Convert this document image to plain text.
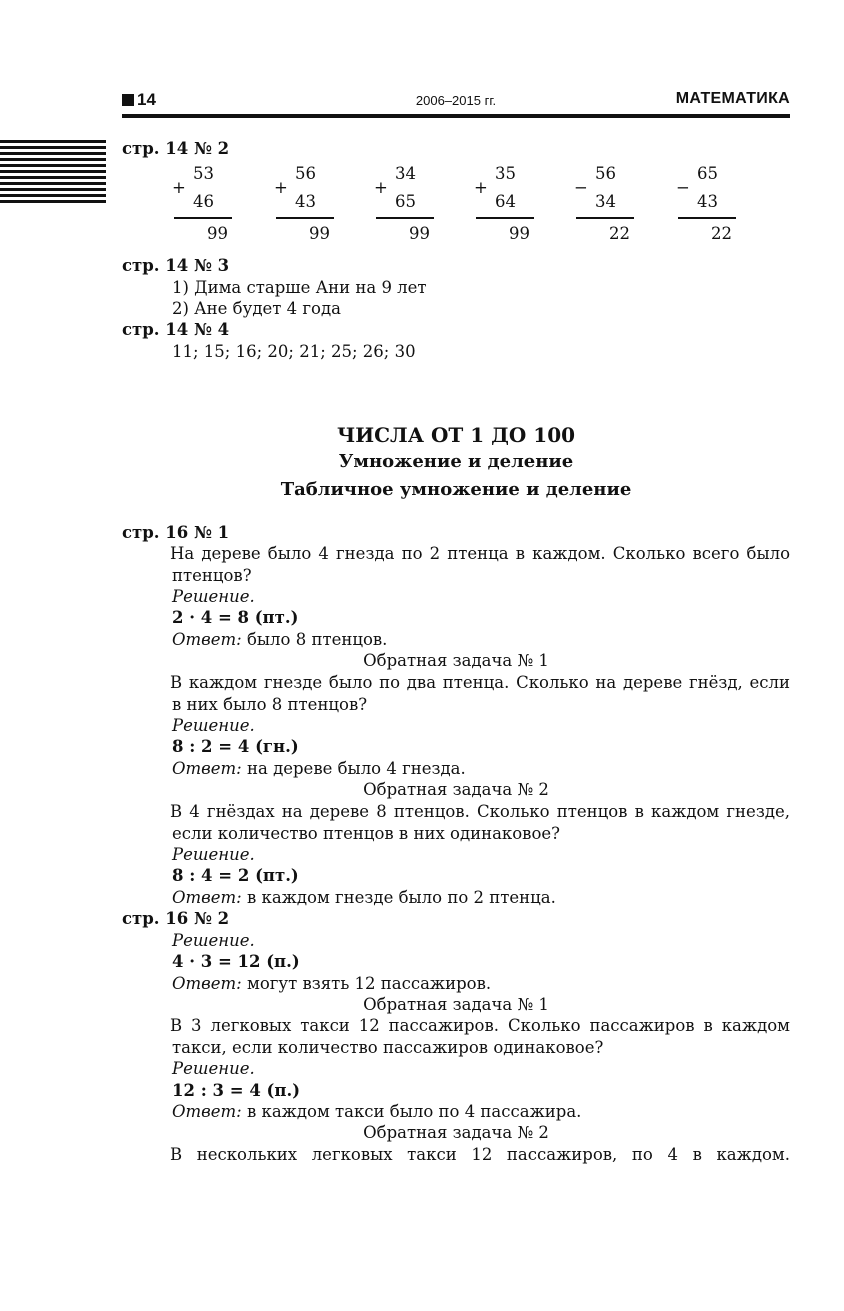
14	2006–2015 гг.	МАТЕМАТИКА
стр. 14 № 2
+
53
46
99
+
56
43
99
+
34
65
99
+
35
64
99
−
56
34
22
−
65
43
22
стр. 14 № 3
1) Дима старше Ани на 9 лет
2) Ане будет 4 года
стр. 14 № 4
11; 15; 16; 20; 21; 25; 26; 30
ЧИСЛА ОТ 1 ДО 100
Умножение и деление
Табличное умножение и деление
стр. 16 № 1
На дереве было 4 гнезда по 2 птенца в каждом. Сколько всего было
птенцов?
Решение.
2 · 4 = 8 (пт.)
Ответ: было 8 птенцов.
Обратная задача № 1
В каждом гнезде было по два птенца. Сколько на дереве гнёзд, если
в них было 8 птенцов?
Решение.
8 : 2 = 4 (гн.)
Ответ: на дереве было 4 гнезда.
Обратная задача № 2
В 4 гнёздах на дереве 8 птенцов. Сколько птенцов в каждом гнезде,
если количество птенцов в них одинаковое?
Решение.
8 : 4 = 2 (пт.)
Ответ: в каждом гнезде было по 2 птенца.
стр. 16 № 2
Решение.
4 · 3 = 12 (п.)
Ответ: могут взять 12 пассажиров.
Обратная задача № 1
В 3 легковых такси 12 пассажиров. Сколько пассажиров в каждом
такси, если количество пассажиров одинаковое?
Решение.
12 : 3 = 4 (п.)
Ответ: в каждом такси было по 4 пассажира.
Обратная задача № 2
В нескольких легковых такси 12 пассажиров, по 4 в каждом.
